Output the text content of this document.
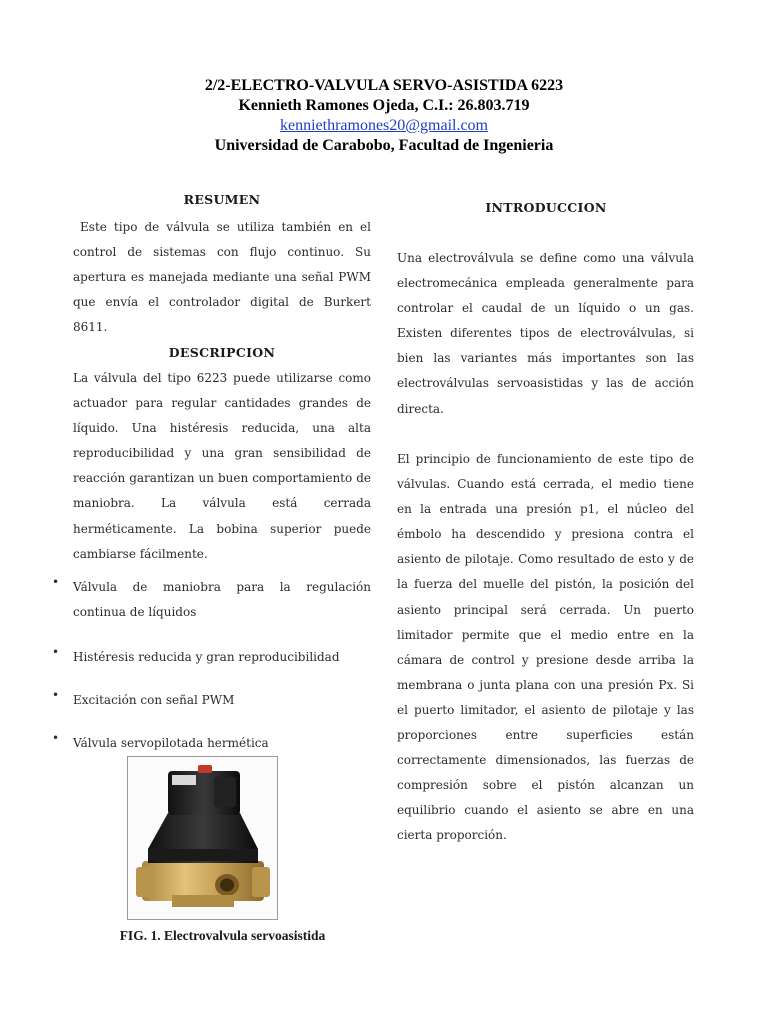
2/2-ELECTRO-VALVULA SERVO-ASISTIDA 6223
Kennieth Ramones Ojeda, C.I.: 26.803.719
kenniethramones20@gmail.com
Universidad de Carabobo, Facultad de Ingenieria
RESUMEN
Este tipo de válvula se utiliza también en el
control de sistemas con flujo continuo. Su
apertura es manejada mediante una señal PWM
que envía el controlador digital de Burkert
8611.
DESCRIPCION
La válvula del tipo 6223 puede utilizarse como
actuador para regular cantidades grandes de
líquido. Una histéresis reducida, una alta
reproducibilidad y una gran sensibilidad de
reacción garantizan un buen comportamiento de
maniobra. La válvula está cerrada
herméticamente. La bobina superior puede
cambiarse fácilmente.
• Válvula de maniobra para la regulación
continua de líquidos
• Histéresis reducida y gran reproducibilidad
• Excitación con señal PWM
• Válvula servopilotada hermética
FIG. 1. Electrovalvula servoasistida
INTRODUCCION
Una electroválvula se define como una válvula
electromecánica empleada generalmente para
controlar el caudal de un líquido o un gas.
Existen diferentes tipos de electroválvulas, si
bien las variantes más importantes son las
electroválvulas servoasistidas y las de acción
directa.
El principio de funcionamiento de este tipo de
válvulas. Cuando está cerrada, el medio tiene
en la entrada una presión p1, el núcleo del
émbolo ha descendido y presiona contra el
asiento de pilotaje. Como resultado de esto y de
la fuerza del muelle del pistón, la posición del
asiento principal será cerrada. Un puerto
limitador permite que el medio entre en la
cámara de control y presione desde arriba la
membrana o junta plana con una presión Px. Si
el puerto limitador, el asiento de pilotaje y las
proporciones entre superficies están
correctamente dimensionados, las fuerzas de
compresión sobre el pistón alcanzan un
equilibrio cuando el asiento se abre en una
cierta proporción.
